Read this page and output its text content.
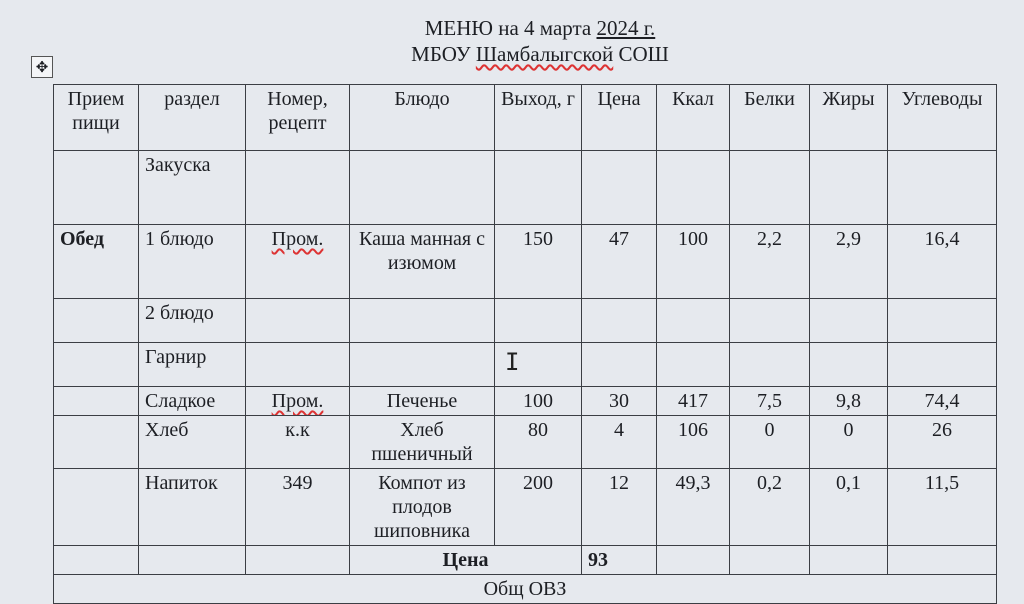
МЕНЮ на 4 марта 2024 г.
МБОУ Шамбалыгской СОШ
✥
Прием пищи	раздел	Номер, рецепт	Блюдо	Выход, г	Цена	Ккал	Белки	Жиры	Углеводы
	Закуска								
Обед	1 блюдо	Пром.	Каша манная с изюмом	150	47	100	2,2	2,9	16,4
	2 блюдо								
	Гарнир								
	Сладкое	Пром.	Печенье	100	30	417	7,5	9,8	74,4
	Хлеб	к.к	Хлеб пшеничный	80	4	106	0	0	26
	Напиток	349	Компот из плодов шиповника	200	12	49,3	0,2	0,1	11,5
			Цена		93				
Общ ОВЗ									
I
